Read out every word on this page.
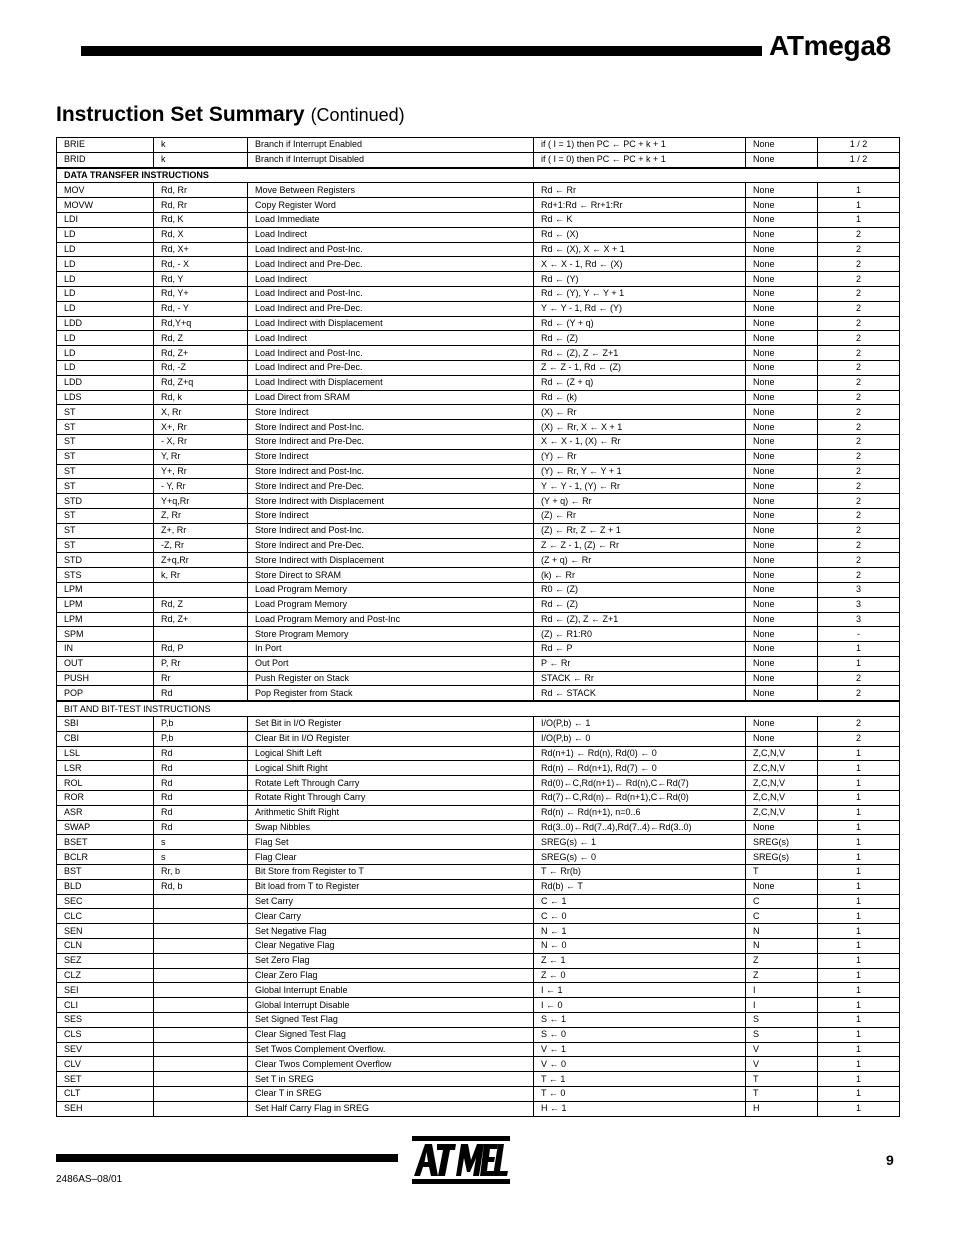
ATmega8
Instruction Set Summary (Continued)
BRIE	k	Branch if Interrupt Enabled	if ( I = 1) then PC ← PC + k + 1	None	1 / 2
BRID	k	Branch if Interrupt Disabled	if ( I = 0) then PC ← PC + k + 1	None	1 / 2
DATA TRANSFER INSTRUCTIONS					
MOV	Rd, Rr	Move Between Registers	Rd ← Rr	None	1
MOVW	Rd, Rr	Copy Register Word	Rd+1:Rd ← Rr+1:Rr	None	1
LDI	Rd, K	Load Immediate	Rd ← K	None	1
LD	Rd, X	Load Indirect	Rd ← (X)	None	2
LD	Rd, X+	Load Indirect and Post-Inc.	Rd ← (X), X ← X + 1	None	2
LD	Rd, - X	Load Indirect and Pre-Dec.	X ← X - 1, Rd ← (X)	None	2
LD	Rd, Y	Load Indirect	Rd ← (Y)	None	2
LD	Rd, Y+	Load Indirect and Post-Inc.	Rd ← (Y), Y ← Y + 1	None	2
LD	Rd, - Y	Load Indirect and Pre-Dec.	Y ← Y - 1, Rd ← (Y)	None	2
LDD	Rd,Y+q	Load Indirect with Displacement	Rd ← (Y + q)	None	2
LD	Rd, Z	Load Indirect	Rd ← (Z)	None	2
LD	Rd, Z+	Load Indirect and Post-Inc.	Rd ← (Z), Z ← Z+1	None	2
LD	Rd, -Z	Load Indirect and Pre-Dec.	Z ← Z - 1, Rd ← (Z)	None	2
LDD	Rd, Z+q	Load Indirect with Displacement	Rd ← (Z + q)	None	2
LDS	Rd, k	Load Direct from SRAM	Rd ← (k)	None	2
ST	X, Rr	Store Indirect	(X) ← Rr	None	2
ST	X+, Rr	Store Indirect and Post-Inc.	(X) ← Rr, X ← X + 1	None	2
ST	- X, Rr	Store Indirect and Pre-Dec.	X ← X - 1, (X) ← Rr	None	2
ST	Y, Rr	Store Indirect	(Y) ← Rr	None	2
ST	Y+, Rr	Store Indirect and Post-Inc.	(Y) ← Rr, Y ← Y + 1	None	2
ST	- Y, Rr	Store Indirect and Pre-Dec.	Y ← Y - 1, (Y) ← Rr	None	2
STD	Y+q,Rr	Store Indirect with Displacement	(Y + q) ← Rr	None	2
ST	Z, Rr	Store Indirect	(Z) ← Rr	None	2
ST	Z+, Rr	Store Indirect and Post-Inc.	(Z) ← Rr, Z ← Z + 1	None	2
ST	-Z, Rr	Store Indirect and Pre-Dec.	Z ← Z - 1, (Z) ← Rr	None	2
STD	Z+q,Rr	Store Indirect with Displacement	(Z + q) ← Rr	None	2
STS	k, Rr	Store Direct to SRAM	(k) ← Rr	None	2
LPM		Load Program Memory	R0 ← (Z)	None	3
LPM	Rd, Z	Load Program Memory	Rd ← (Z)	None	3
LPM	Rd, Z+	Load Program Memory and Post-Inc	Rd ← (Z), Z ← Z+1	None	3
SPM		Store Program Memory	(Z) ← R1:R0	None	-
IN	Rd, P	In Port	Rd ← P	None	1
OUT	P, Rr	Out Port	P ← Rr	None	1
PUSH	Rr	Push Register on Stack	STACK ← Rr	None	2
POP	Rd	Pop Register from Stack	Rd ← STACK	None	2
BIT AND BIT-TEST INSTRUCTIONS					
SBI	P,b	Set Bit in I/O Register	I/O(P,b) ← 1	None	2
CBI	P,b	Clear Bit in I/O Register	I/O(P,b) ← 0	None	2
LSL	Rd	Logical Shift Left	Rd(n+1) ← Rd(n), Rd(0) ← 0	Z,C,N,V	1
LSR	Rd	Logical Shift Right	Rd(n) ← Rd(n+1), Rd(7) ← 0	Z,C,N,V	1
ROL	Rd	Rotate Left Through Carry	Rd(0)←C,Rd(n+1)← Rd(n),C←Rd(7)	Z,C,N,V	1
ROR	Rd	Rotate Right Through Carry	Rd(7)←C,Rd(n)← Rd(n+1),C←Rd(0)	Z,C,N,V	1
ASR	Rd	Arithmetic Shift Right	Rd(n) ← Rd(n+1), n=0..6	Z,C,N,V	1
SWAP	Rd	Swap Nibbles	Rd(3..0)←Rd(7..4),Rd(7..4)←Rd(3..0)	None	1
BSET	s	Flag Set	SREG(s) ← 1	SREG(s)	1
BCLR	s	Flag Clear	SREG(s) ← 0	SREG(s)	1
BST	Rr, b	Bit Store from Register to T	T ← Rr(b)	T	1
BLD	Rd, b	Bit load from T to Register	Rd(b) ← T	None	1
SEC		Set Carry	C ← 1	C	1
CLC		Clear Carry	C ← 0	C	1
SEN		Set Negative Flag	N ← 1	N	1
CLN		Clear Negative Flag	N ← 0	N	1
SEZ		Set Zero Flag	Z ← 1	Z	1
CLZ		Clear Zero Flag	Z ← 0	Z	1
SEI		Global Interrupt Enable	I ← 1	I	1
CLI		Global Interrupt Disable	I ← 0	I	1
SES		Set Signed Test Flag	S ← 1	S	1
CLS		Clear Signed Test Flag	S ← 0	S	1
SEV		Set Twos Complement Overflow.	V ← 1	V	1
CLV		Clear Twos Complement Overflow	V ← 0	V	1
SET		Set T in SREG	T ← 1	T	1
CLT		Clear T in SREG	T ← 0	T	1
SEH		Set Half Carry Flag in SREG	H ← 1	H	1
9
2486AS–08/01
